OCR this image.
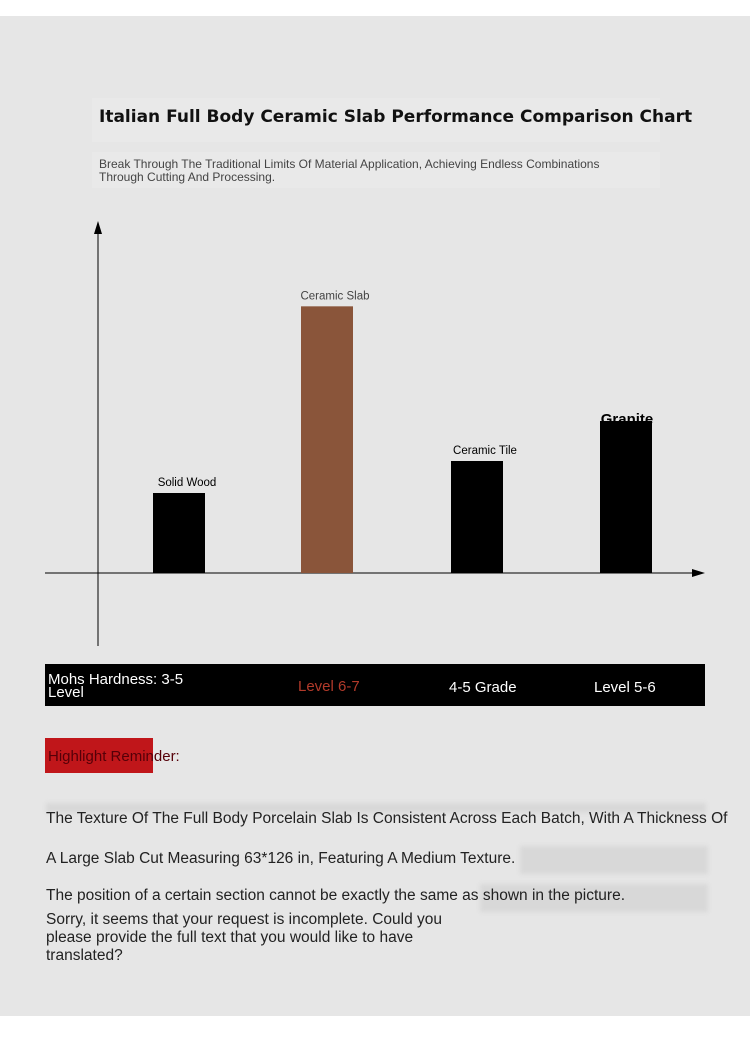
Italian Full Body Ceramic Slab Performance Comparison Chart
Break Through The Traditional Limits Of Material Application, Achieving Endless Combinations Through Cutting And Processing.
Solid Wood
Ceramic Slab
Ceramic Tile
Granite
Mohs Hardness: 3-5 Level	Level 6-7	4-5 Grade	Level 5-6
Highlight Reminder:
The Texture Of The Full Body Porcelain Slab Is Consistent Across Each Batch, With A Thickness Of
A Large Slab Cut Measuring 63*126 in, Featuring A Medium Texture.
The position of a certain section cannot be exactly the same as shown in the picture.
Sorry, it seems that your request is incomplete. Could you please provide the full text that you would like to have translated?
